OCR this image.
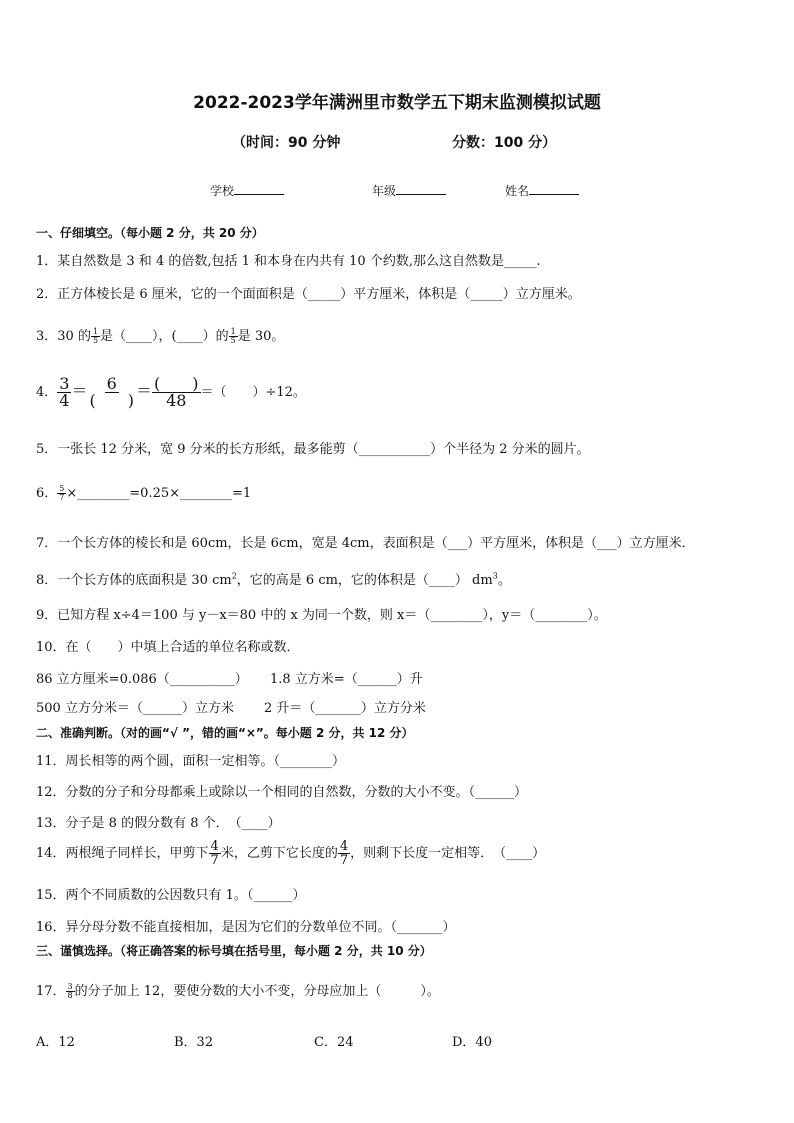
2022-2023学年满洲里市数学五下期末监测模拟试题
（时间：90 分钟	分数：100 分）
学校	年级	姓名
一、仔细填空。（每小题 2 分，共 20 分）
1．某自然数是 3 和 4 的倍数,包括 1 和本身在内共有 10 个约数,那么这自然数是_____.
2．正方体棱长是 6 厘米，它的一个面面积是（_____）平方厘米，体积是（_____）立方厘米。
3．30 的 $\frac{1}{5}$ 是（____），(____）的 $\frac{1}{5}$ 是 30。
4． $\frac{3}{4} = \frac{6}{( )} = \frac{( )}{48}$ ＝（　　）÷12。
5．一张长 12 分米，宽 9 分米的长方形纸，最多能剪（___________）个半径为 2 分米的圆片。
6． $\frac{5}{7}$ ×________=0.25×________=1
7．一个长方体的棱长和是 60cm，长是 6cm，宽是 4cm，表面积是（___）平方厘米，体积是（___）立方厘米．
8．一个长方体的底面积是 30 $cm^2$，它的高是 6 cm，它的体积是（____） $dm^3$。
9．已知方程 x÷4＝100 与 y－x＝80 中的 x 为同一个数，则 x＝（________），y＝（________）。
10．在（　　）中填上合适的单位名称或数．
86 立方厘米=0.086（__________） 1.8 立方米=（______）升
500 立方分米＝（______）立方米 2 升＝（_______）立方分米
二、准确判断。（对的画“√ ”，错的画“×”。每小题 2 分，共 12 分）
11．周长相等的两个圆，面积一定相等。（________）
12．分数的分子和分母都乘上或除以一个相同的自然数，分数的大小不变。（______）
13．分子是 8 的假分数有 8 个．　（____）
14．两根绳子同样长，甲剪下 $\frac{4}{7}$ 米，乙剪下它长度的 $\frac{4}{7}$ ，则剩下长度一定相等．　（____）
15．两个不同质数的公因数只有 1。（______）
16．异分母分数不能直接相加，是因为它们的分数单位不同。（_______）
三、谨慎选择。（将正确答案的标号填在括号里，每小题 2 分，共 10 分）
17． $\frac{3}{8}$ 的分子加上 12，要使分数的大小不变，分母应加上（　　　）。
A．12	B．32	C．24	D．40
